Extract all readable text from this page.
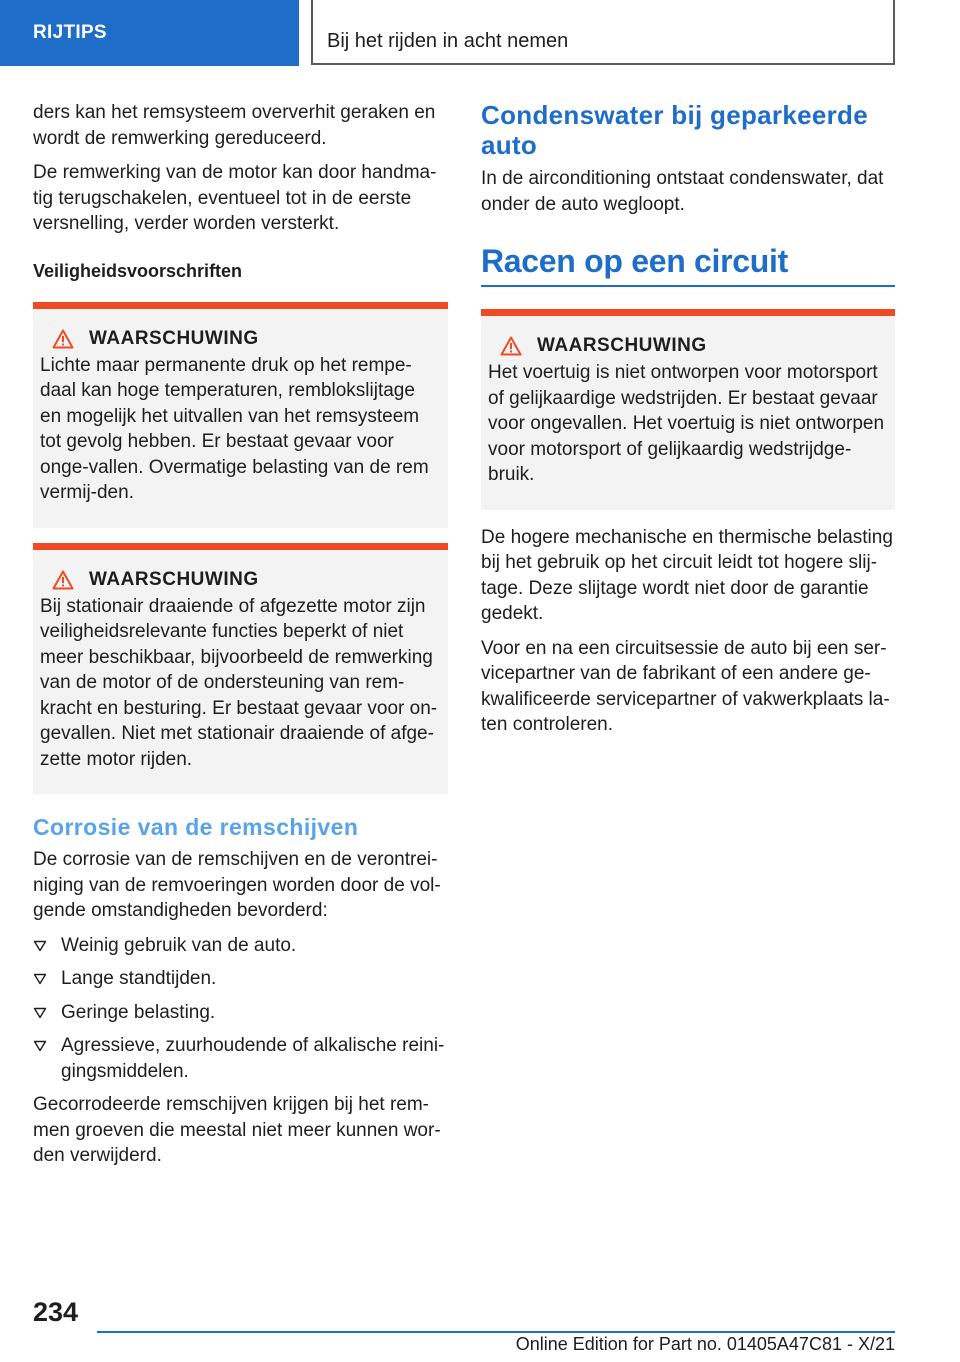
RIJTIPS	Bij het rijden in acht nemen

ders kan het remsysteem oververhit geraken en wordt de remwerking gereduceerd.

De remwerking van de motor kan door handma-tig terugschakelen, eventueel tot in de eerste versnelling, verder worden versterkt.

Veiligheidsvoorschriften
WAARSCHUWING

Lichte maar permanente druk op het rempe-daal kan hoge temperaturen, remblokslijtage en mogelijk het uitvallen van het remsysteem tot gevolg hebben. Er bestaat gevaar voor onge-vallen. Overmatige belasting van de rem vermij-den.

WAARSCHUWING

Bij stationair draaiende of afgezette motor zijn veiligheidsrelevante functies beperkt of niet meer beschikbaar, bijvoorbeeld de remwerking van de motor of de ondersteuning van rem-kracht en besturing. Er bestaat gevaar voor on-gevallen. Niet met stationair draaiende of afge-zette motor rijden.

Corrosie van de remschijven

De corrosie van de remschijven en de verontrei-niging van de remvoeringen worden door de vol-gende omstandigheden bevorderd:

Weinig gebruik van de auto.
Lange standtijden.
Geringe belasting.
Agressieve, zuurhoudende of alkalische reini-gingsmiddelen.

Gecorrodeerde remschijven krijgen bij het rem-men groeven die meestal niet meer kunnen wor-den verwijderd.

Condenswater bij geparkeerde auto

In de airconditioning ontstaat condenswater, dat onder de auto wegloopt.

Racen op een circuit
WAARSCHUWING

Het voertuig is niet ontworpen voor motorsport of gelijkaardige wedstrijden. Er bestaat gevaar voor ongevallen. Het voertuig is niet ontworpen voor motorsport of gelijkaardig wedstrijdge-bruik.

De hogere mechanische en thermische belasting bij het gebruik op het circuit leidt tot hogere slij-tage. Deze slijtage wordt niet door de garantie gedekt.

Voor en na een circuitsessie de auto bij een ser-vicepartner van de fabrikant of een andere ge-kwalificeerde servicepartner of vakwerkplaats la-ten controleren.

234
Online Edition for Part no. 01405A47C81 - X/21
